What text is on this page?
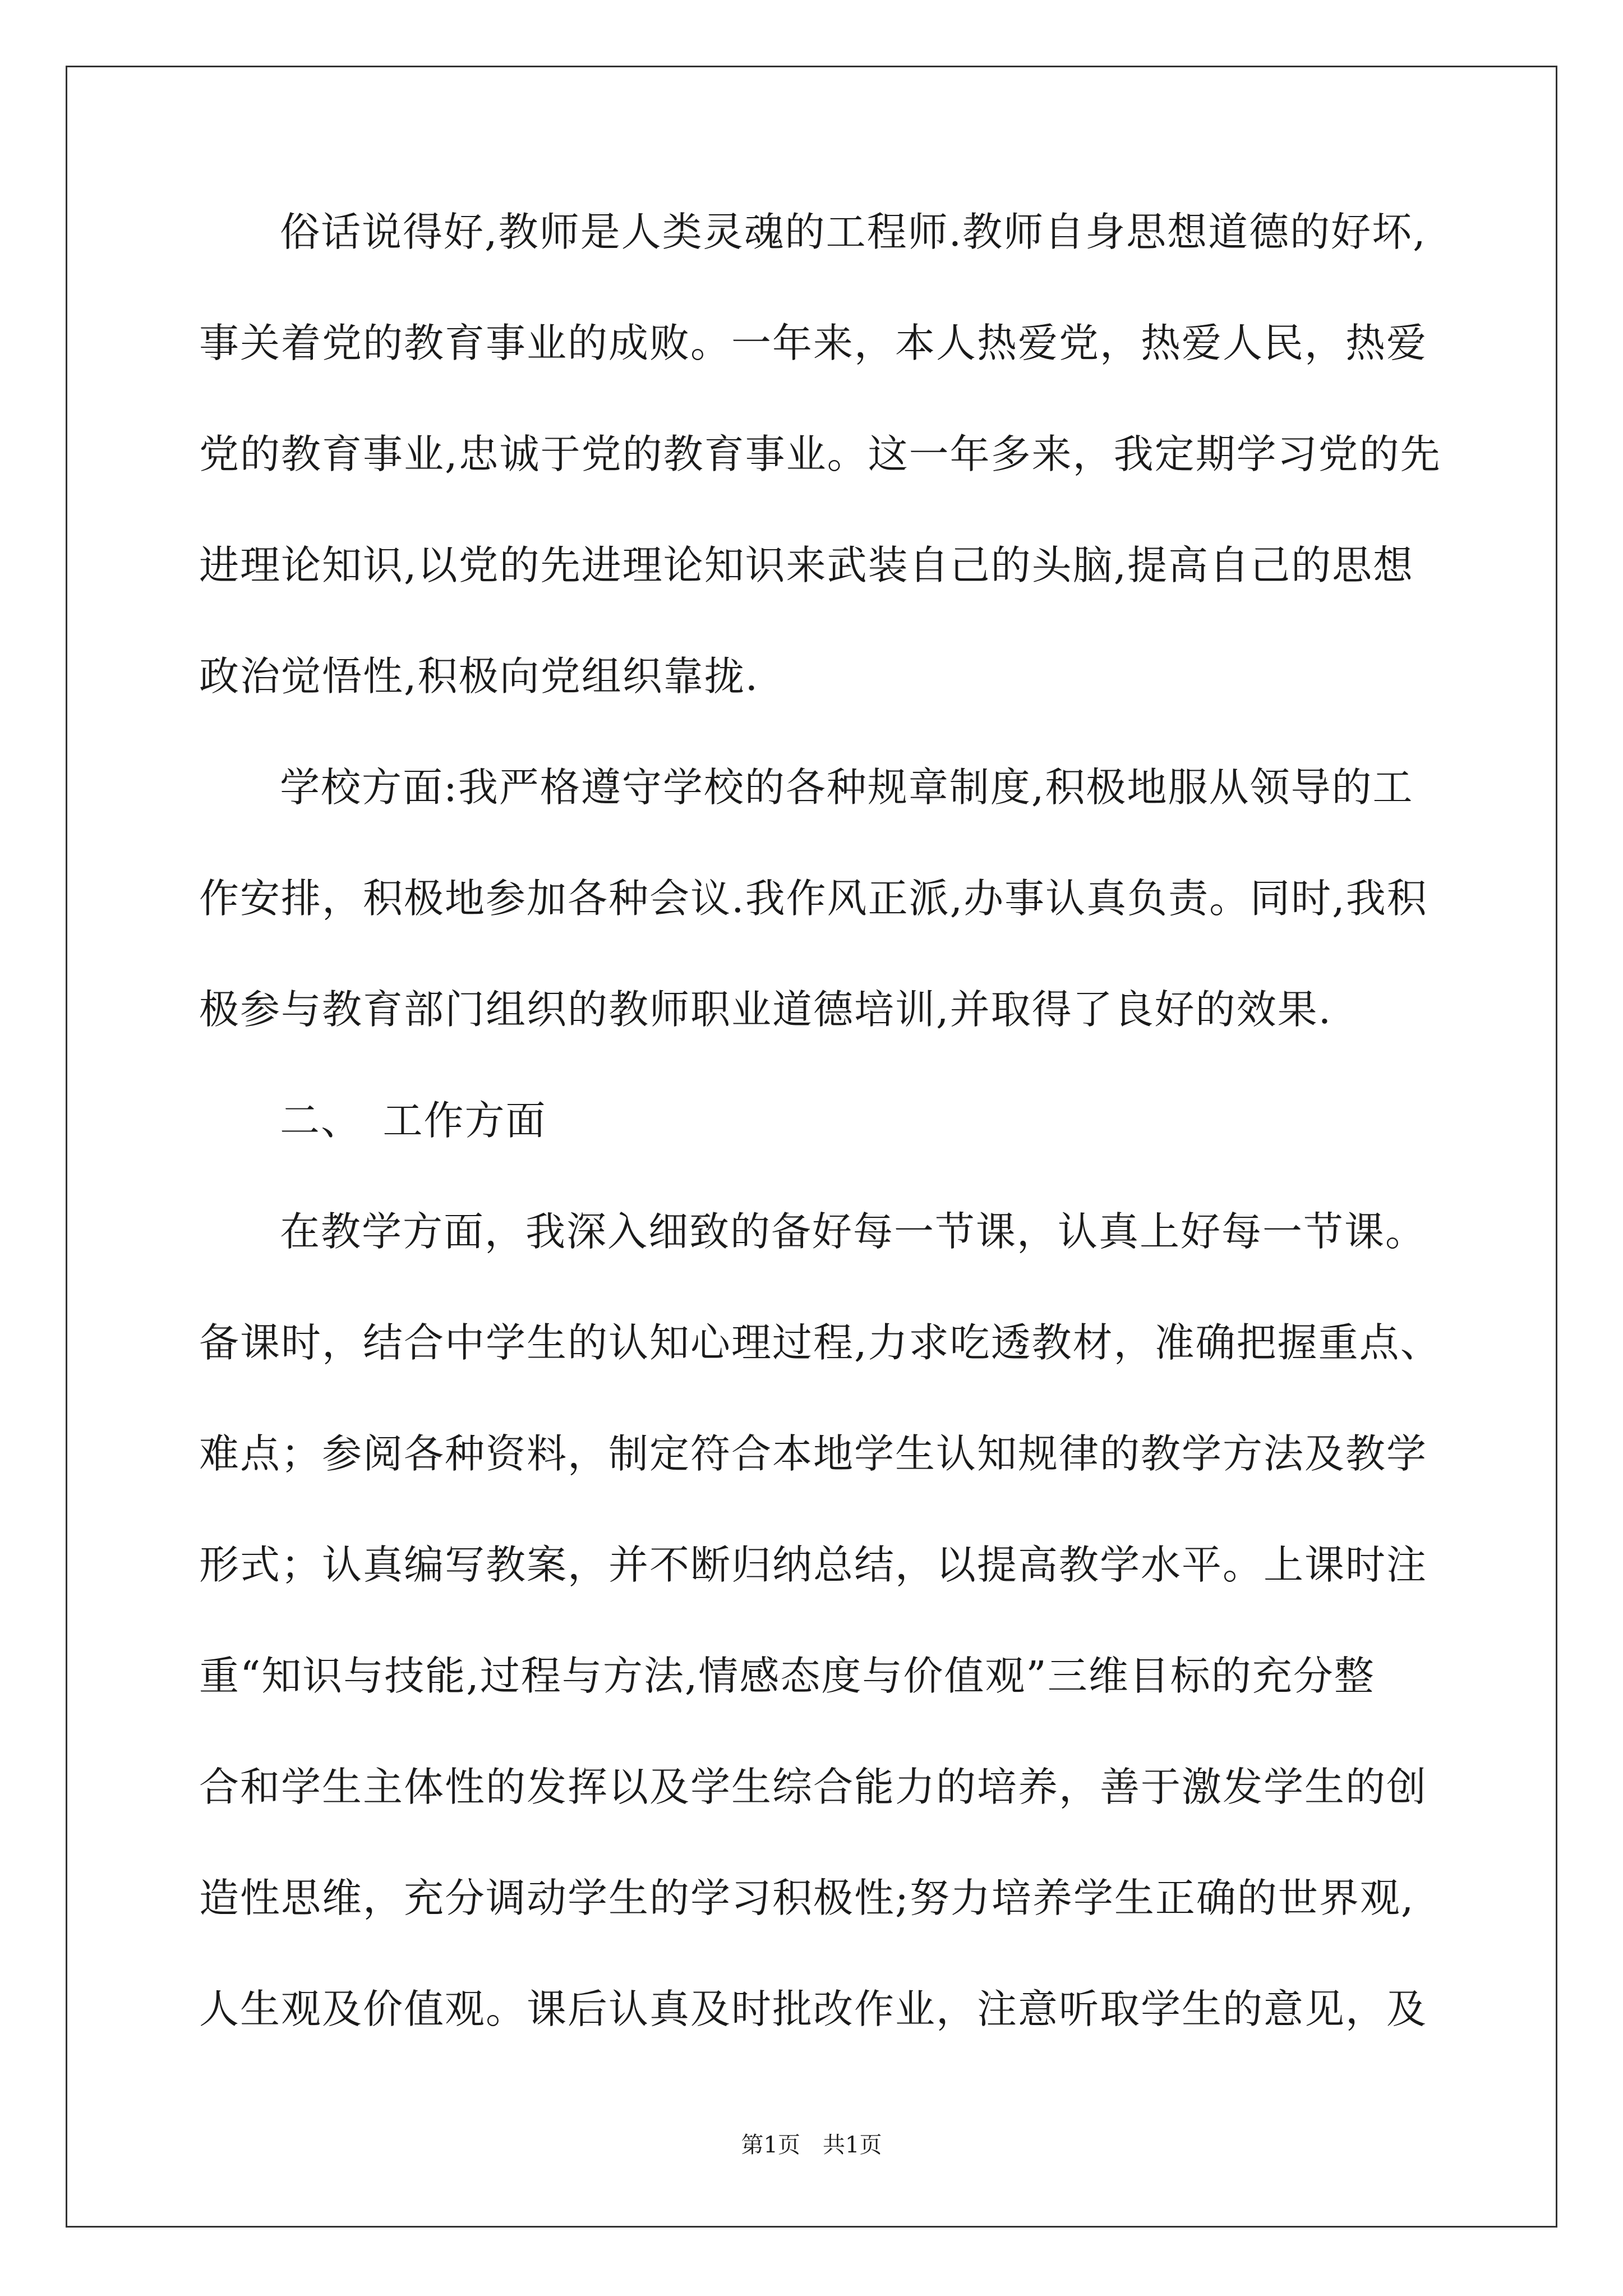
俗话说得好,教师是人类灵魂的工程师.教师自身思想道德的好坏,
事关着党的教育事业的成败。一年来，本人热爱党，热爱人民，热爱
党的教育事业,忠诚于党的教育事业。这一年多来，我定期学习党的先
进理论知识,以党的先进理论知识来武装自己的头脑,提高自己的思想
政治觉悟性,积极向党组织靠拢.
学校方面:我严格遵守学校的各种规章制度,积极地服从领导的工
作安排，积极地参加各种会议.我作风正派,办事认真负责。同时,我积
极参与教育部门组织的教师职业道德培训,并取得了良好的效果.
二、　工作方面
在教学方面，我深入细致的备好每一节课，认真上好每一节课。
备课时，结合中学生的认知心理过程,力求吃透教材，准确把握重点、
难点；参阅各种资料，制定符合本地学生认知规律的教学方法及教学
形式；认真编写教案，并不断归纳总结，以提高教学水平。上课时注
重“知识与技能,过程与方法,情感态度与价值观”三维目标的充分整
合和学生主体性的发挥以及学生综合能力的培养，善于激发学生的创
造性思维，充分调动学生的学习积极性;努力培养学生正确的世界观,
人生观及价值观。课后认真及时批改作业，注意听取学生的意见，及
第1页　共1页
